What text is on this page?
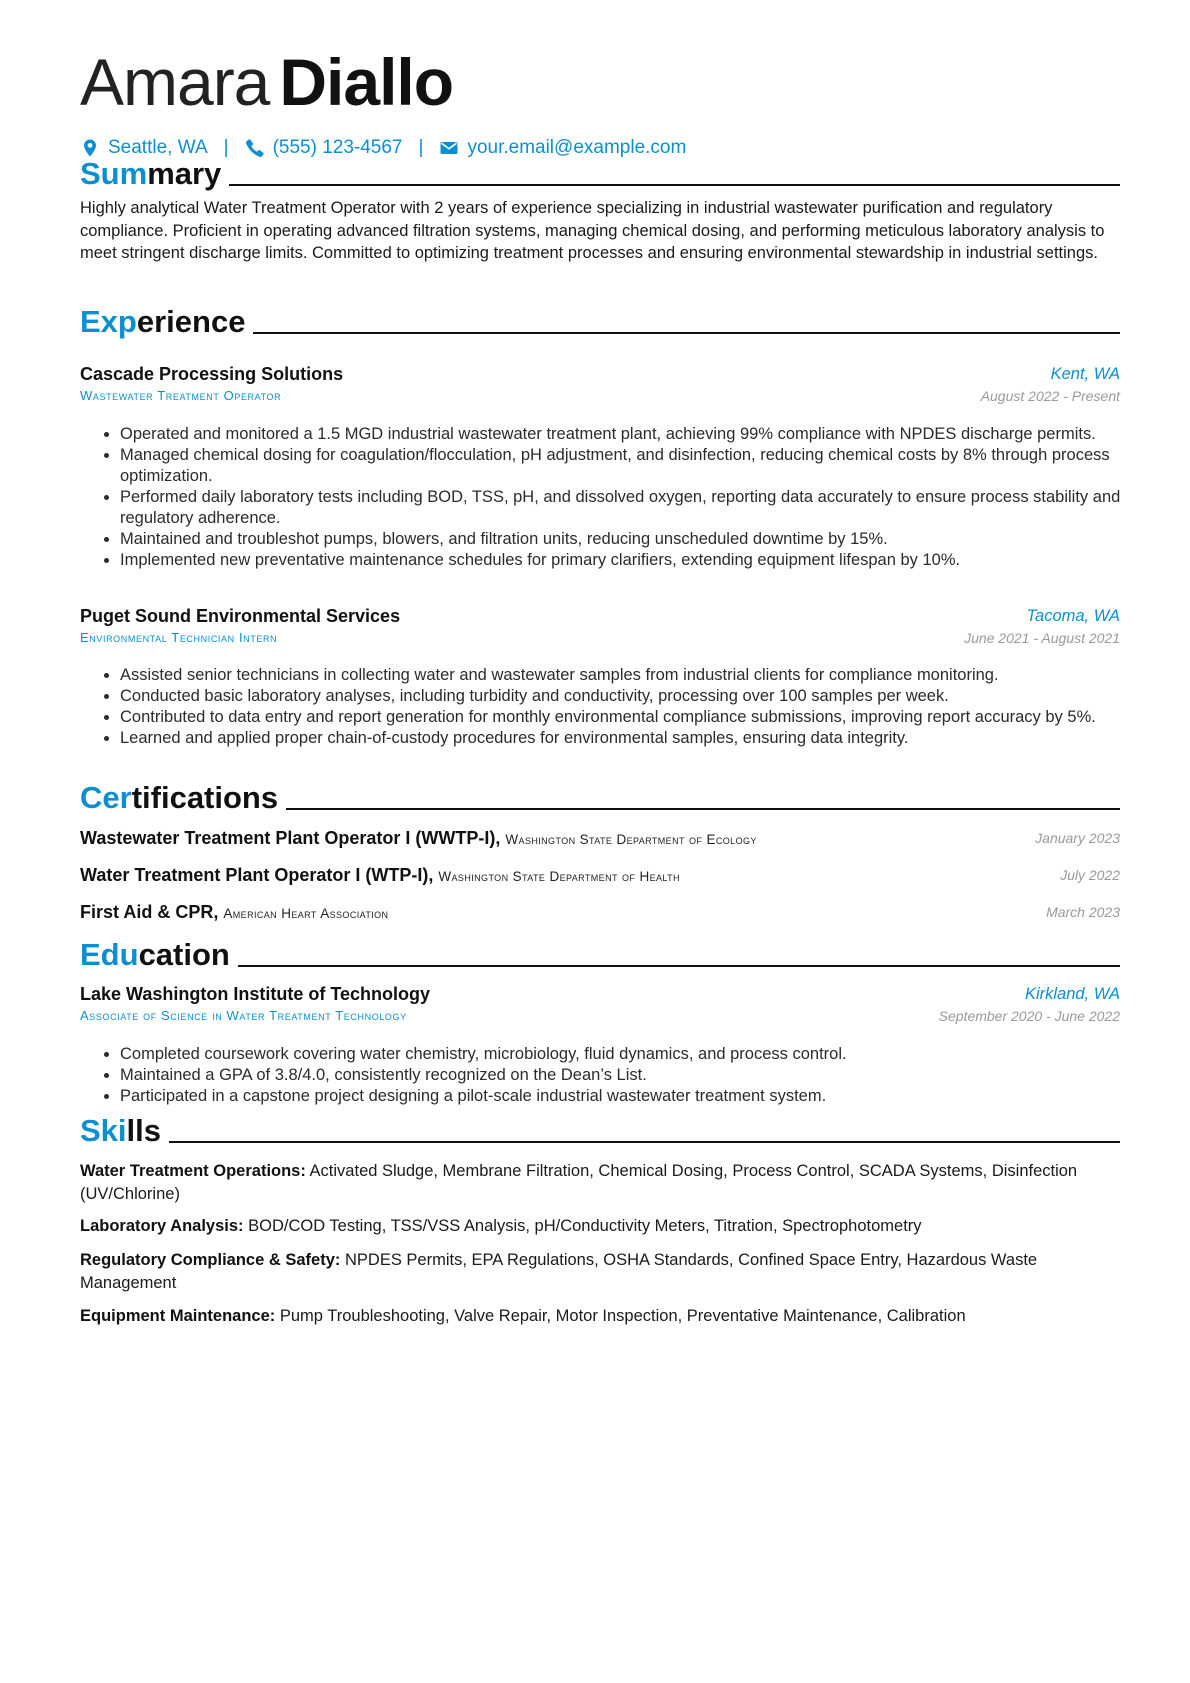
Amara Diallo
Seattle, WA | (555) 123-4567 | your.email@example.com
Summary
Highly analytical Water Treatment Operator with 2 years of experience specializing in industrial wastewater purification and regulatory compliance. Proficient in operating advanced filtration systems, managing chemical dosing, and performing meticulous laboratory analysis to meet stringent discharge limits. Committed to optimizing treatment processes and ensuring environmental stewardship in industrial settings.
Experience
Cascade Processing Solutions	Kent, WA
Wastewater Treatment Operator	August 2022 - Present
• Operated and monitored a 1.5 MGD industrial wastewater treatment plant, achieving 99% compliance with NPDES discharge permits.
• Managed chemical dosing for coagulation/flocculation, pH adjustment, and disinfection, reducing chemical costs by 8% through process optimization.
• Performed daily laboratory tests including BOD, TSS, pH, and dissolved oxygen, reporting data accurately to ensure process stability and regulatory adherence.
• Maintained and troubleshot pumps, blowers, and filtration units, reducing unscheduled downtime by 15%.
• Implemented new preventative maintenance schedules for primary clarifiers, extending equipment lifespan by 10%.
Puget Sound Environmental Services	Tacoma, WA
Environmental Technician Intern	June 2021 - August 2021
• Assisted senior technicians in collecting water and wastewater samples from industrial clients for compliance monitoring.
• Conducted basic laboratory analyses, including turbidity and conductivity, processing over 100 samples per week.
• Contributed to data entry and report generation for monthly environmental compliance submissions, improving report accuracy by 5%.
• Learned and applied proper chain-of-custody procedures for environmental samples, ensuring data integrity.
Certifications
Wastewater Treatment Plant Operator I (WWTP-I), Washington State Department of Ecology	January 2023
Water Treatment Plant Operator I (WTP-I), Washington State Department of Health	July 2022
First Aid & CPR, American Heart Association	March 2023
Education
Lake Washington Institute of Technology	Kirkland, WA
Associate of Science in Water Treatment Technology	September 2020 - June 2022
• Completed coursework covering water chemistry, microbiology, fluid dynamics, and process control.
• Maintained a GPA of 3.8/4.0, consistently recognized on the Dean’s List.
• Participated in a capstone project designing a pilot-scale industrial wastewater treatment system.
Skills
Water Treatment Operations: Activated Sludge, Membrane Filtration, Chemical Dosing, Process Control, SCADA Systems, Disinfection (UV/Chlorine)
Laboratory Analysis: BOD/COD Testing, TSS/VSS Analysis, pH/Conductivity Meters, Titration, Spectrophotometry
Regulatory Compliance & Safety: NPDES Permits, EPA Regulations, OSHA Standards, Confined Space Entry, Hazardous Waste Management
Equipment Maintenance: Pump Troubleshooting, Valve Repair, Motor Inspection, Preventative Maintenance, Calibration
